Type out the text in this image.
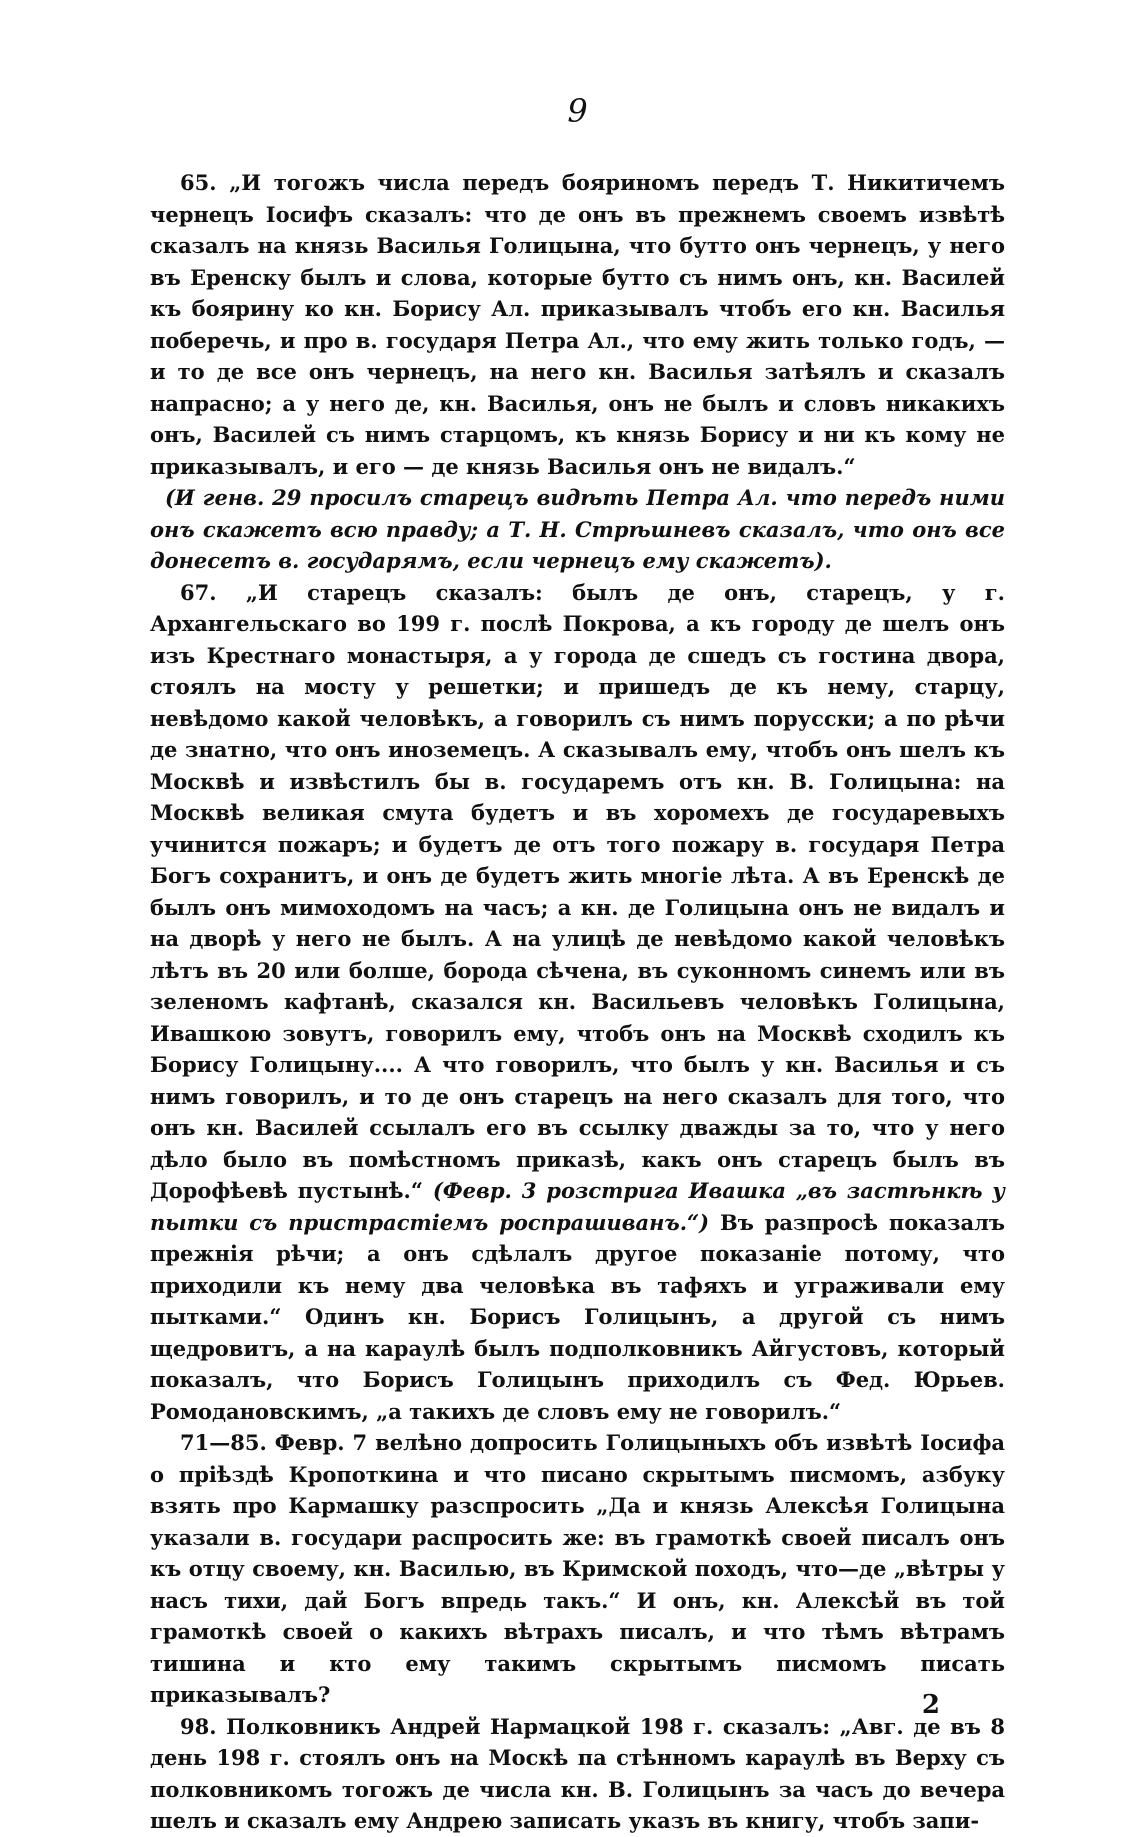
9

65. „И тогожъ числа передъ бояриномъ передъ Т. Никитичемъ чернецъ Іосифъ сказалъ: что де онъ въ прежнемъ своемъ извѣтѣ сказалъ на князь Василья Голицына, что бутто онъ чернецъ, у негo въ Еренску былъ и слова, которые бутто съ нимъ онъ, кн. Василей къ боярину ко кн. Борису Ал. приказывалъ чтобъ его кн. Василья поберечь, и про в. государя Петра Ал., что ему жить только годъ, — и то де все онъ чернецъ, на него кн. Василья затѣялъ и сказалъ напрасно; а у него де, кн. Василья, онъ не былъ и словъ никакихъ онъ, Василей съ нимъ старцомъ, къ князь Борису и ни къ кому не приказывалъ, и его — де князь Василья онъ не видалъ.“

(И генв. 29 просилъ старецъ видѣть Петра Ал. что передъ ними онъ скажетъ всю правду; а Т. Н. Стрѣшневъ сказалъ, что онъ все донесетъ в. государямъ, если чернецъ ему скажетъ).

67. „И старецъ сказалъ: былъ де онъ, старецъ, у г. Архангельскаго во 199 г. послѣ Покрова, а къ городу де шелъ онъ изъ Крестнаго монастыря, а у города де сшедъ съ гостина двора, стоялъ на мосту у решетки; и пришедъ де къ нему, старцу, невѣдомо какой человѣкъ, а говорилъ съ нимъ порусски; а по рѣчи де знатно, что онъ иноземецъ. А сказывалъ ему, чтобъ онъ шелъ къ Москвѣ и извѣстилъ бы в. государемъ отъ кн. В. Голицына: на Москвѣ великая смута будетъ и въ хоромехъ де государевыхъ учинится пожаръ; и будетъ де отъ того пожару в. государя Петра Богъ сохранитъ, и онъ де будетъ жить многіе лѣта. А въ Еренскѣ де былъ онъ мимоходомъ на часъ; а кн. де Голицына онъ не видалъ и на дворѣ у него не былъ. А на улицѣ де невѣдомо какой человѣкъ лѣтъ въ 20 или болше, борода сѣчена, въ суконномъ синемъ или въ зеленомъ кафтанѣ, сказался кн. Васильевъ человѣкъ Голицына, Ивашкою зовутъ, говорилъ ему, чтобъ онъ на Москвѣ сходилъ къ Борису Голицыну.... А что говорилъ, что былъ у кн. Василья и съ нимъ говорилъ, и то де онъ старецъ на него сказалъ для того, что онъ кн. Василей ссылалъ его въ ссылку дважды за то, что у него дѣло было въ помѣстномъ приказѣ, какъ онъ старецъ былъ въ Дорофѣевѣ пустынѣ.“ (Февр. 3 розстрига Ивашка „въ застѣнкѣ у пытки съ пристрастіемъ роспрашиванъ.“) Въ разпросѣ показалъ прежнія рѣчи; а онъ сдѣлалъ другое показаніе потому, что приходили къ нему два человѣка въ тафяхъ и угрaживали ему пытками.“ Одинъ кн. Борисъ Голицынъ, а другой съ нимъ щедровитъ, а на караулѣ былъ подполковникъ Айгустовъ, который показалъ, что Борисъ Голицынъ приходилъ съ Фед. Юрьев. Ромодановскимъ, „а такихъ де словъ ему не говорилъ.“

71—85. Февр. 7 велѣно допросить Голицыныхъ объ извѣтѣ Іосифа о пріѣздѣ Кропоткина и что писано скрытымъ писмомъ, азбуку взять про Кармашку разспросить „Да и князь Алексѣя Голицына указали в. государи распросить же: въ грамоткѣ своей писалъ онъ къ отцу своему, кн. Василью, въ Кримской походъ, что—де „вѣтры у насъ тихи, дай Богъ впредь такъ.“ И онъ, кн. Алексѣй въ той грамоткѣ своей о какихъ вѣтрахъ писалъ, и что тѣмъ вѣтрамъ тишина и кто ему такимъ скрытымъ писмомъ писать приказывалъ?

98. Полковникъ Андрей Нармацкой 198 г. сказалъ: „Авг. де въ 8 день 198 г. стоялъ онъ на Москѣ па стѣнномъ караулѣ въ Верху съ полковникомъ тогожъ де числа кн. В. Голицынъ за часъ до вечера шелъ и сказалъ ему Андрею записать указъ въ книгу, чтобъ запи-

2
